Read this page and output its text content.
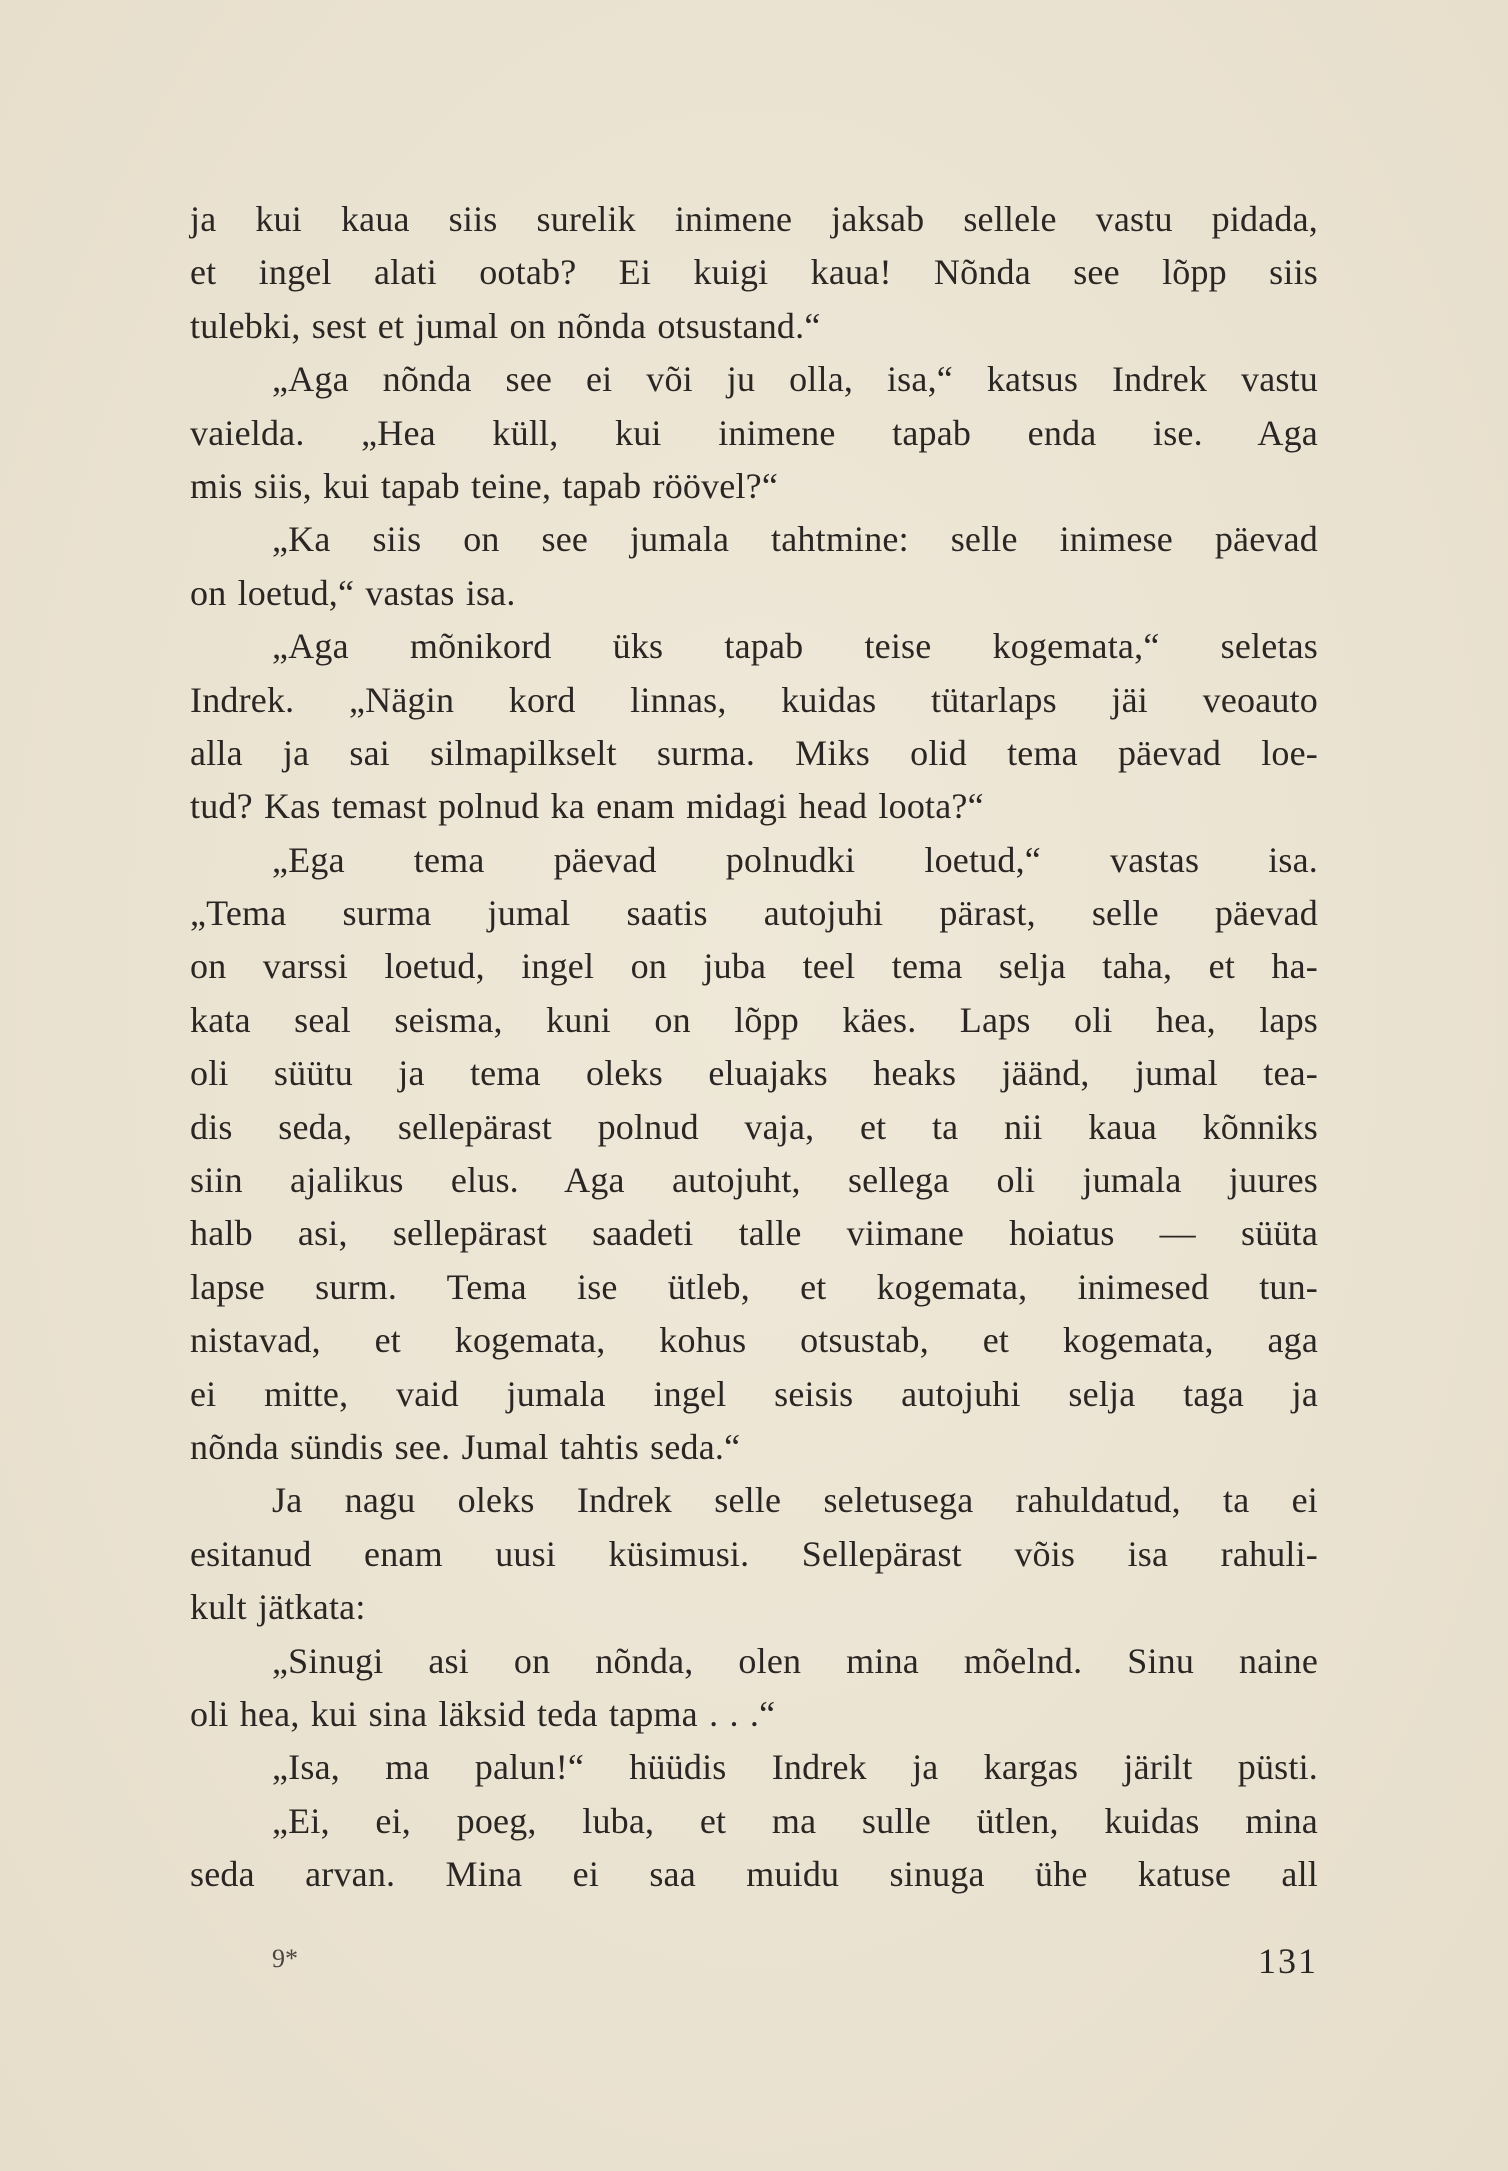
ja kui kaua siis surelik inimene jaksab sellele vastu pidada,
et ingel alati ootab? Ei kuigi kaua! Nõnda see lõpp siis
tulebki, sest et jumal on nõnda otsustand.“
„Aga nõnda see ei või ju olla, isa,“ katsus Indrek vastu
vaielda. „Hea küll, kui inimene tapab enda ise. Aga
mis siis, kui tapab teine, tapab röövel?“
„Ka siis on see jumala tahtmine: selle inimese päevad
on loetud,“ vastas isa.
„Aga mõnikord üks tapab teise kogemata,“ seletas
Indrek. „Nägin kord linnas, kuidas tütarlaps jäi veoauto
alla ja sai silmapilkselt surma. Miks olid tema päevad loe-
tud? Kas temast polnud ka enam midagi head loota?“
„Ega tema päevad polnudki loetud,“ vastas isa.
„Tema surma jumal saatis autojuhi pärast, selle päevad
on varssi loetud, ingel on juba teel tema selja taha, et ha-
kata seal seisma, kuni on lõpp käes. Laps oli hea, laps
oli süütu ja tema oleks eluajaks heaks jäänd, jumal tea-
dis seda, sellepärast polnud vaja, et ta nii kaua kõnniks
siin ajalikus elus. Aga autojuht, sellega oli jumala juures
halb asi, sellepärast saadeti talle viimane hoiatus — süüta
lapse surm. Tema ise ütleb, et kogemata, inimesed tun-
nistavad, et kogemata, kohus otsustab, et kogemata, aga
ei mitte, vaid jumala ingel seisis autojuhi selja taga ja
nõnda sündis see. Jumal tahtis seda.“
Ja nagu oleks Indrek selle seletusega rahuldatud, ta ei
esitanud enam uusi küsimusi. Sellepärast võis isa rahuli-
kult jätkata:
„Sinugi asi on nõnda, olen mina mõelnd. Sinu naine
oli hea, kui sina läksid teda tapma . . .“
„Isa, ma palun!“ hüüdis Indrek ja kargas järilt püsti.
„Ei, ei, poeg, luba, et ma sulle ütlen, kuidas mina
seda arvan. Mina ei saa muidu sinuga ühe katuse all
9*	131
